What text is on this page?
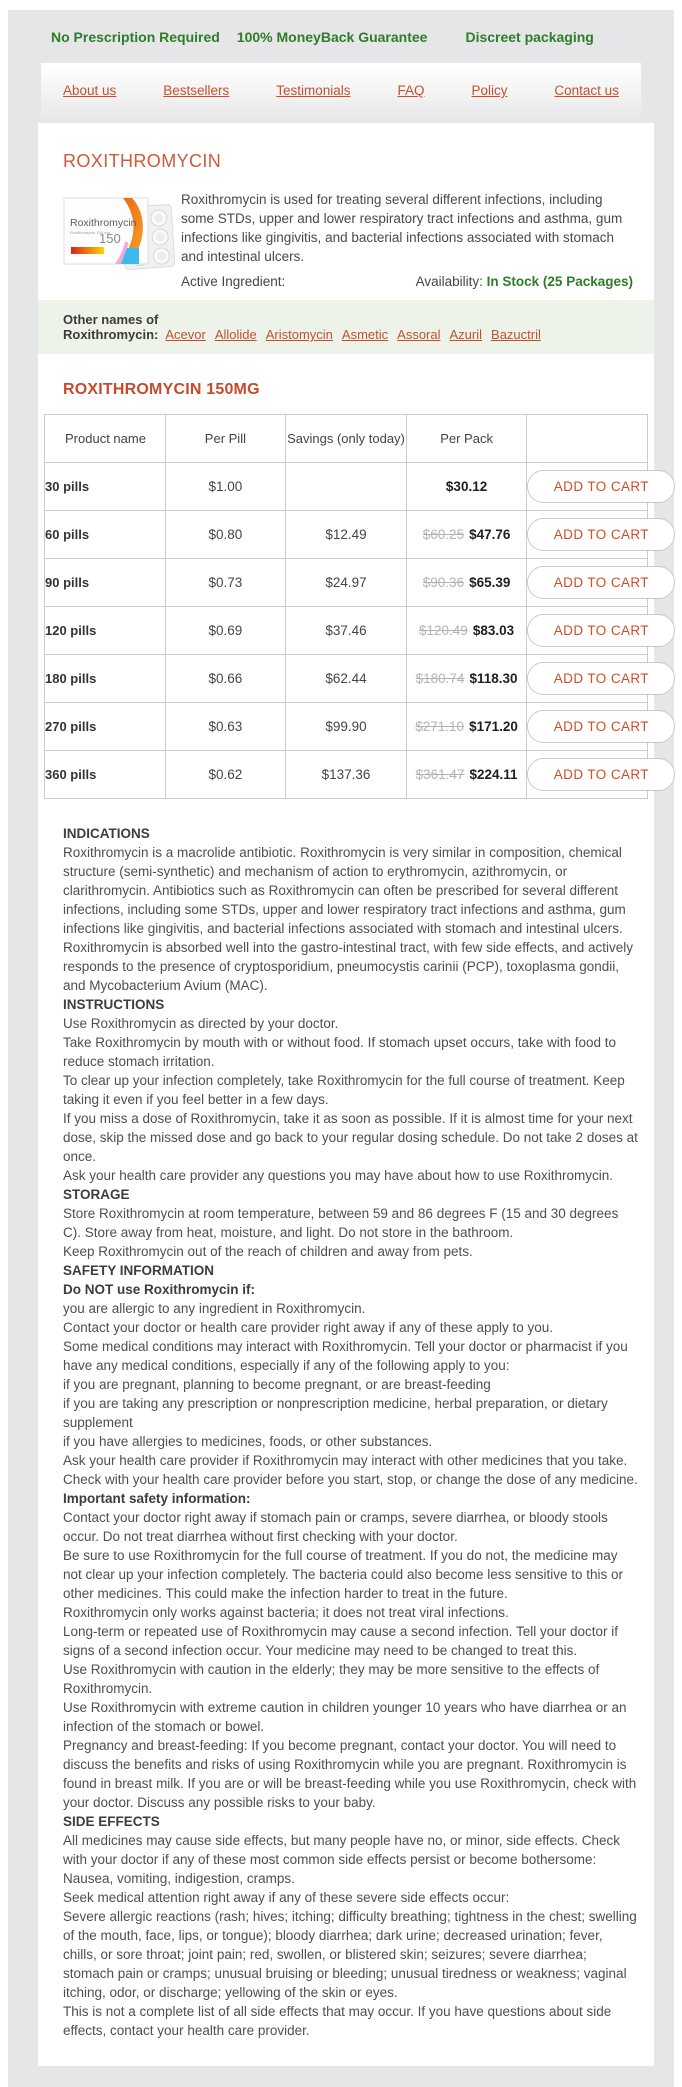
No Prescription Required 100% MoneyBack Guarantee	Discreet packaging
About us	Bestsellers	Testimonials	FAQ	Policy	Contact us
ROXITHROMYCIN
Roxithromycin
Roxithromycin 150 mg
150
Roxithromycin is used for treating several different infections, including some STDs, upper and lower respiratory tract infections and asthma, gum infections like gingivitis, and bacterial infections associated with stomach and intestinal ulcers.
Active Ingredient:	Availability: In Stock (25 Packages)
Other names of Roxithromycin: Acevor Allolide Aristomycin Asmetic Assoral Azuril Bazuctril
ROXITHROMYCIN 150MG
Product name	Per Pill	Savings (only today)	Per Pack	
30 pills	$1.00		$30.12	ADD TO CART
60 pills	$0.80	$12.49	$60.25 $47.76	ADD TO CART
90 pills	$0.73	$24.97	$90.36 $65.39	ADD TO CART
120 pills	$0.69	$37.46	$120.49 $83.03	ADD TO CART
180 pills	$0.66	$62.44	$180.74 $118.30	ADD TO CART
270 pills	$0.63	$99.90	$271.10 $171.20	ADD TO CART
360 pills	$0.62	$137.36	$361.47 $224.11	ADD TO CART
INDICATIONS

Roxithromycin is a macrolide antibiotic. Roxithromycin is very similar in composition, chemical structure (semi-synthetic) and mechanism of action to erythromycin, azithromycin, or clarithromycin. Antibiotics such as Roxithromycin can often be prescribed for several different infections, including some STDs, upper and lower respiratory tract infections and asthma, gum infections like gingivitis, and bacterial infections associated with stomach and intestinal ulcers. Roxithromycin is absorbed well into the gastro-intestinal tract, with few side effects, and actively responds to the presence of cryptosporidium, pneumocystis carinii (PCP), toxoplasma gondii, and Mycobacterium Avium (MAC).

INSTRUCTIONS

Use Roxithromycin as directed by your doctor.

Take Roxithromycin by mouth with or without food. If stomach upset occurs, take with food to reduce stomach irritation.

To clear up your infection completely, take Roxithromycin for the full course of treatment. Keep taking it even if you feel better in a few days.

If you miss a dose of Roxithromycin, take it as soon as possible. If it is almost time for your next dose, skip the missed dose and go back to your regular dosing schedule. Do not take 2 doses at once.

Ask your health care provider any questions you may have about how to use Roxithromycin.

STORAGE

Store Roxithromycin at room temperature, between 59 and 86 degrees F (15 and 30 degrees C). Store away from heat, moisture, and light. Do not store in the bathroom.

Keep Roxithromycin out of the reach of children and away from pets.

SAFETY INFORMATION

Do NOT use Roxithromycin if:

you are allergic to any ingredient in Roxithromycin.

Contact your doctor or health care provider right away if any of these apply to you.

Some medical conditions may interact with Roxithromycin. Tell your doctor or pharmacist if you have any medical conditions, especially if any of the following apply to you:

if you are pregnant, planning to become pregnant, or are breast-feeding

if you are taking any prescription or nonprescription medicine, herbal preparation, or dietary supplement

if you have allergies to medicines, foods, or other substances.

Ask your health care provider if Roxithromycin may interact with other medicines that you take. Check with your health care provider before you start, stop, or change the dose of any medicine.

Important safety information:

Contact your doctor right away if stomach pain or cramps, severe diarrhea, or bloody stools occur. Do not treat diarrhea without first checking with your doctor.

Be sure to use Roxithromycin for the full course of treatment. If you do not, the medicine may not clear up your infection completely. The bacteria could also become less sensitive to this or other medicines. This could make the infection harder to treat in the future.

Roxithromycin only works against bacteria; it does not treat viral infections.

Long-term or repeated use of Roxithromycin may cause a second infection. Tell your doctor if signs of a second infection occur. Your medicine may need to be changed to treat this.

Use Roxithromycin with caution in the elderly; they may be more sensitive to the effects of Roxithromycin.

Use Roxithromycin with extreme caution in children younger 10 years who have diarrhea or an infection of the stomach or bowel.

Pregnancy and breast-feeding: If you become pregnant, contact your doctor. You will need to discuss the benefits and risks of using Roxithromycin while you are pregnant. Roxithromycin is found in breast milk. If you are or will be breast-feeding while you use Roxithromycin, check with your doctor. Discuss any possible risks to your baby.

SIDE EFFECTS

All medicines may cause side effects, but many people have no, or minor, side effects. Check with your doctor if any of these most common side effects persist or become bothersome:

Nausea, vomiting, indigestion, cramps.

Seek medical attention right away if any of these severe side effects occur:

Severe allergic reactions (rash; hives; itching; difficulty breathing; tightness in the chest; swelling of the mouth, face, lips, or tongue); bloody diarrhea; dark urine; decreased urination; fever, chills, or sore throat; joint pain; red, swollen, or blistered skin; seizures; severe diarrhea; stomach pain or cramps; unusual bruising or bleeding; unusual tiredness or weakness; vaginal itching, odor, or discharge; yellowing of the skin or eyes.

This is not a complete list of all side effects that may occur. If you have questions about side effects, contact your health care provider.
